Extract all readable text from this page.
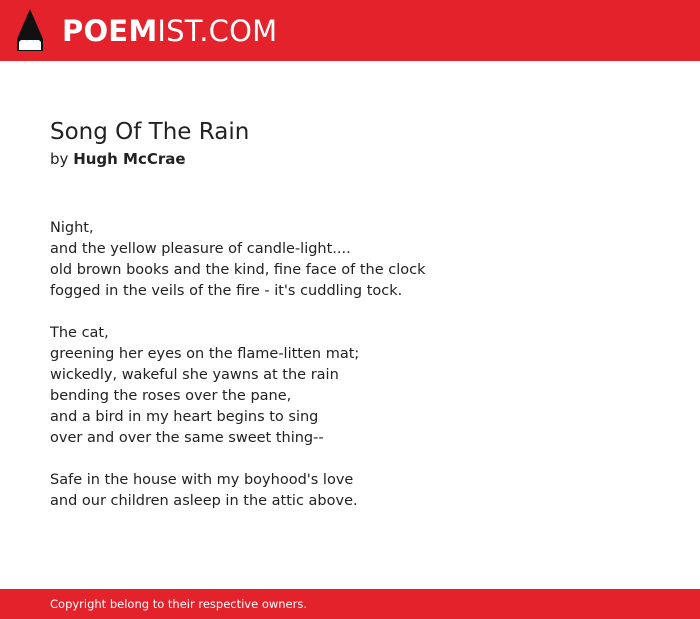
POEMIST.COM
Song Of The Rain
by Hugh McCrae
Night,
and the yellow pleasure of candle-light....
old brown books and the kind, fine face of the clock
fogged in the veils of the fire - it's cuddling tock.
The cat,
greening her eyes on the flame-litten mat;
wickedly, wakeful she yawns at the rain
bending the roses over the pane,
and a bird in my heart begins to sing
over and over the same sweet thing--
Safe in the house with my boyhood's love
and our children asleep in the attic above.
Copyright belong to their respective owners.
